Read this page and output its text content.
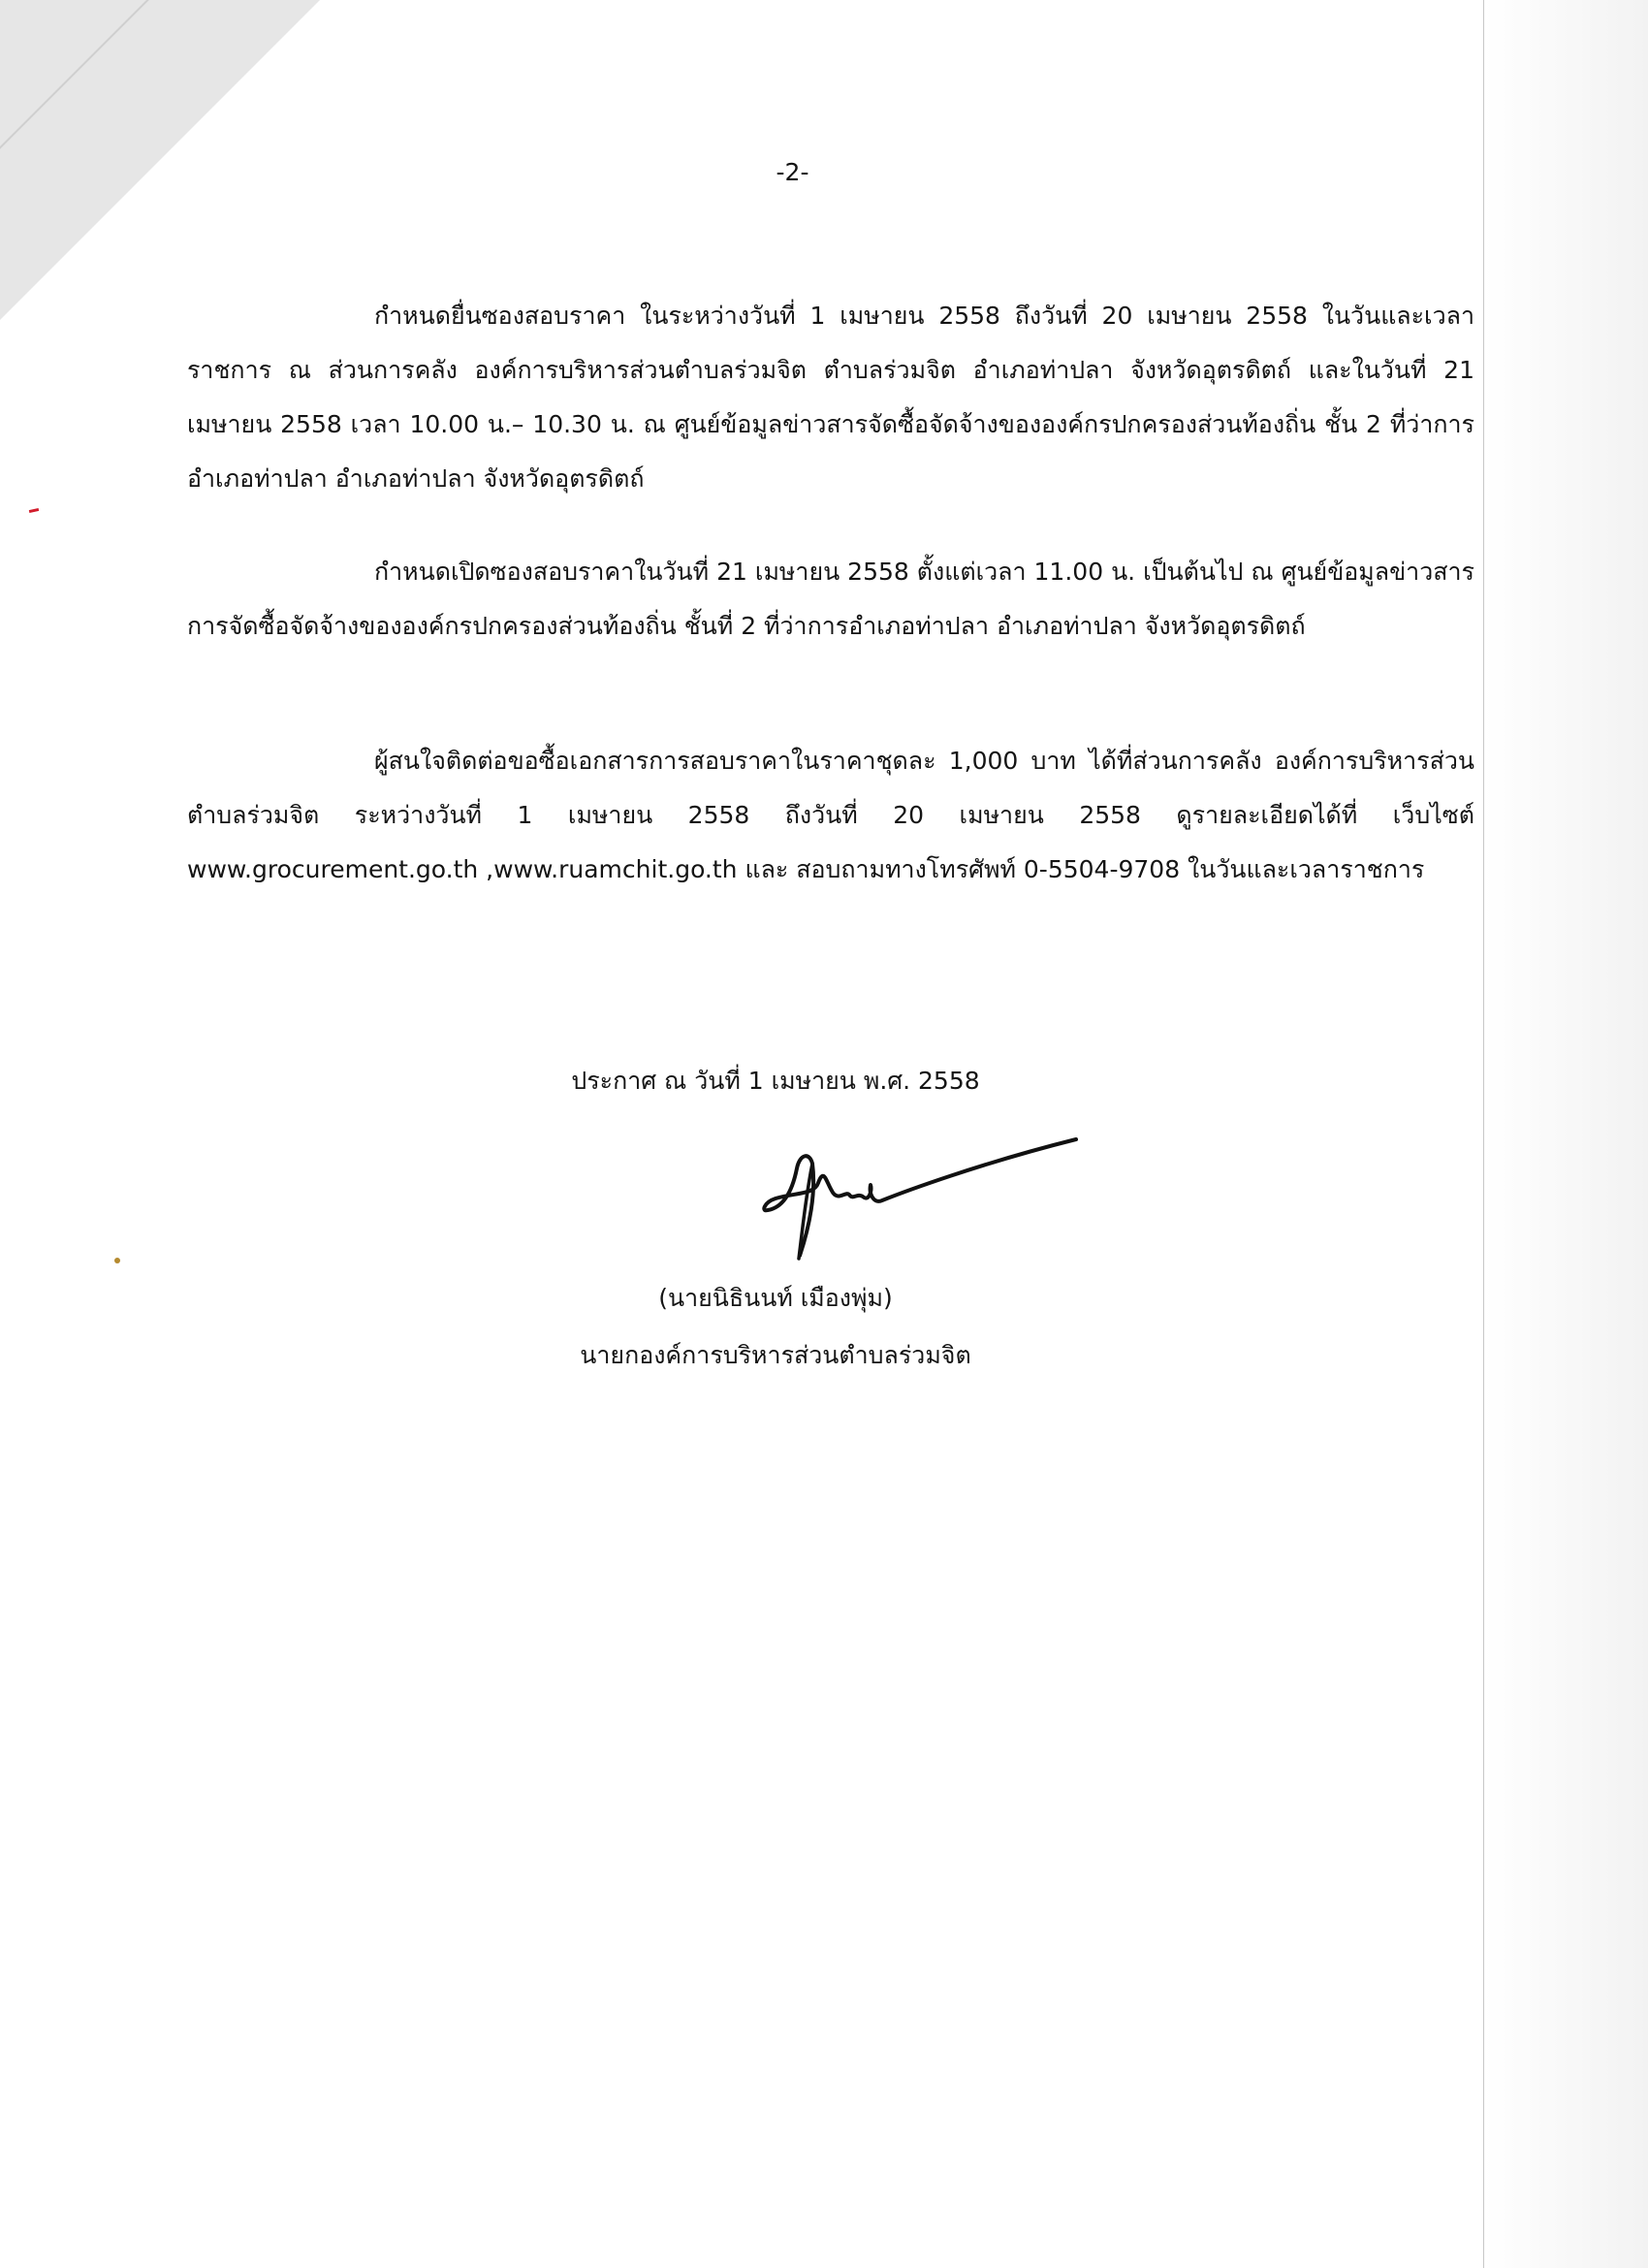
-2-

กำหนดยื่นซองสอบราคา ในระหว่างวันที่ 1 เมษายน 2558 ถึงวันที่ 20 เมษายน 2558 ในวันและเวลาราชการ ณ ส่วนการคลัง องค์การบริหารส่วนตำบลร่วมจิต ตำบลร่วมจิต อำเภอท่าปลา จังหวัดอุตรดิตถ์ และในวันที่ 21 เมษายน 2558 เวลา 10.00 น.– 10.30 น. ณ ศูนย์ข้อมูลข่าวสารจัดซื้อจัดจ้างขององค์กรปกครองส่วนท้องถิ่น ชั้น 2 ที่ว่าการอำเภอท่าปลา อำเภอท่าปลา จังหวัดอุตรดิตถ์

กำหนดเปิดซองสอบราคาในวันที่ 21 เมษายน 2558 ตั้งแต่เวลา 11.00 น. เป็นต้นไป ณ ศูนย์ข้อมูลข่าวสารการจัดซื้อจัดจ้างขององค์กรปกครองส่วนท้องถิ่น ชั้นที่ 2 ที่ว่าการอำเภอท่าปลา อำเภอท่าปลา จังหวัดอุตรดิตถ์

ผู้สนใจติดต่อขอซื้อเอกสารการสอบราคาในราคาชุดละ 1,000 บาท ได้ที่ส่วนการคลัง องค์การบริหารส่วนตำบลร่วมจิต ระหว่างวันที่ 1 เมษายน 2558 ถึงวันที่ 20 เมษายน 2558 ดูรายละเอียดได้ที่ เว็บไซต์ www.grocurement.go.th ,www.ruamchit.go.th และ สอบถามทางโทรศัพท์ 0-5504-9708 ในวันและเวลาราชการ

ประกาศ ณ วันที่ 1 เมษายน พ.ศ. 2558
(นายนิธินนท์ เมืองพุ่ม)
นายกองค์การบริหารส่วนตำบลร่วมจิต
